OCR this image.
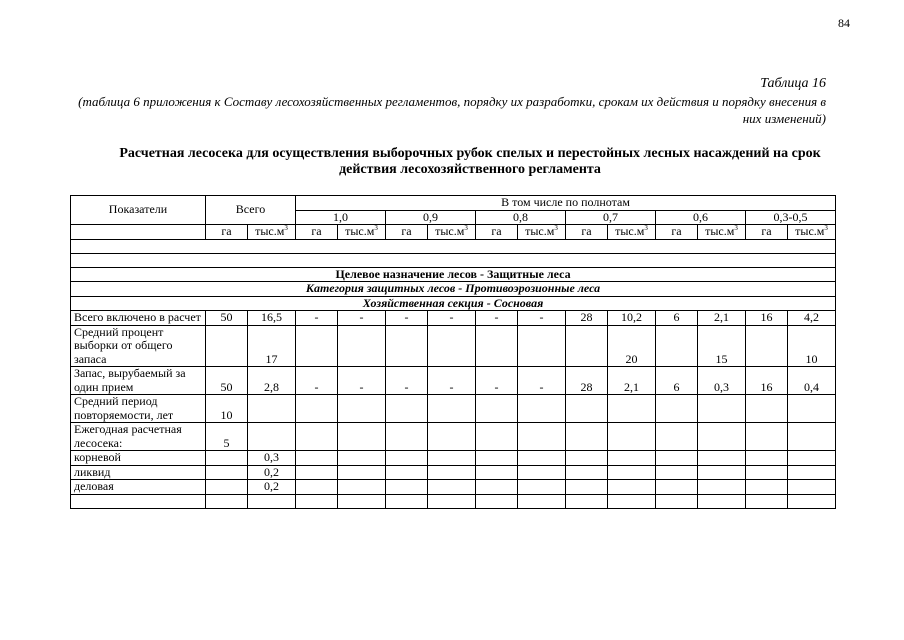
84
Таблица 16
(таблица 6 приложения к Составу лесохозяйственных регламентов, порядку их разработки, срокам их действия и порядку внесения в них изменений)
Расчетная лесосека для осуществления выборочных рубок спелых и перестойных лесных насаждений на срок действия лесохозяйственного регламента
Показатели	Всего		В том числе по полнотам											
			1,0		0,9		0,8		0,7		0,6		0,3-0,5	
	га	$тыс.м^3$	га	$тыс.м^3$	га	$тыс.м^3$	га	$тыс.м^3$	га	$тыс.м^3$	га	$тыс.м^3$	га	$тыс.м^3$

Целевое назначение лесов - Защитные леса														
Категория защитных лесов - Противоэрозионные леса														
Хозяйственная секция - Сосновая														
Всего включено в расчет	50	16,5	-	-	-	-	-	-	28	10,2	6	2,1	16	4,2
Средний процент выборки от общего запаса		17								20		15		10
Запас, вырубаемый за один прием	50	2,8	-	-	-	-	-	-	28	2,1	6	0,3	16	0,4
Средний период повторяемости, лет	10													
Ежегодная расчетная лесосека:	5													
корневой		0,3												
ликвид		0,2												
деловая		0,2												
